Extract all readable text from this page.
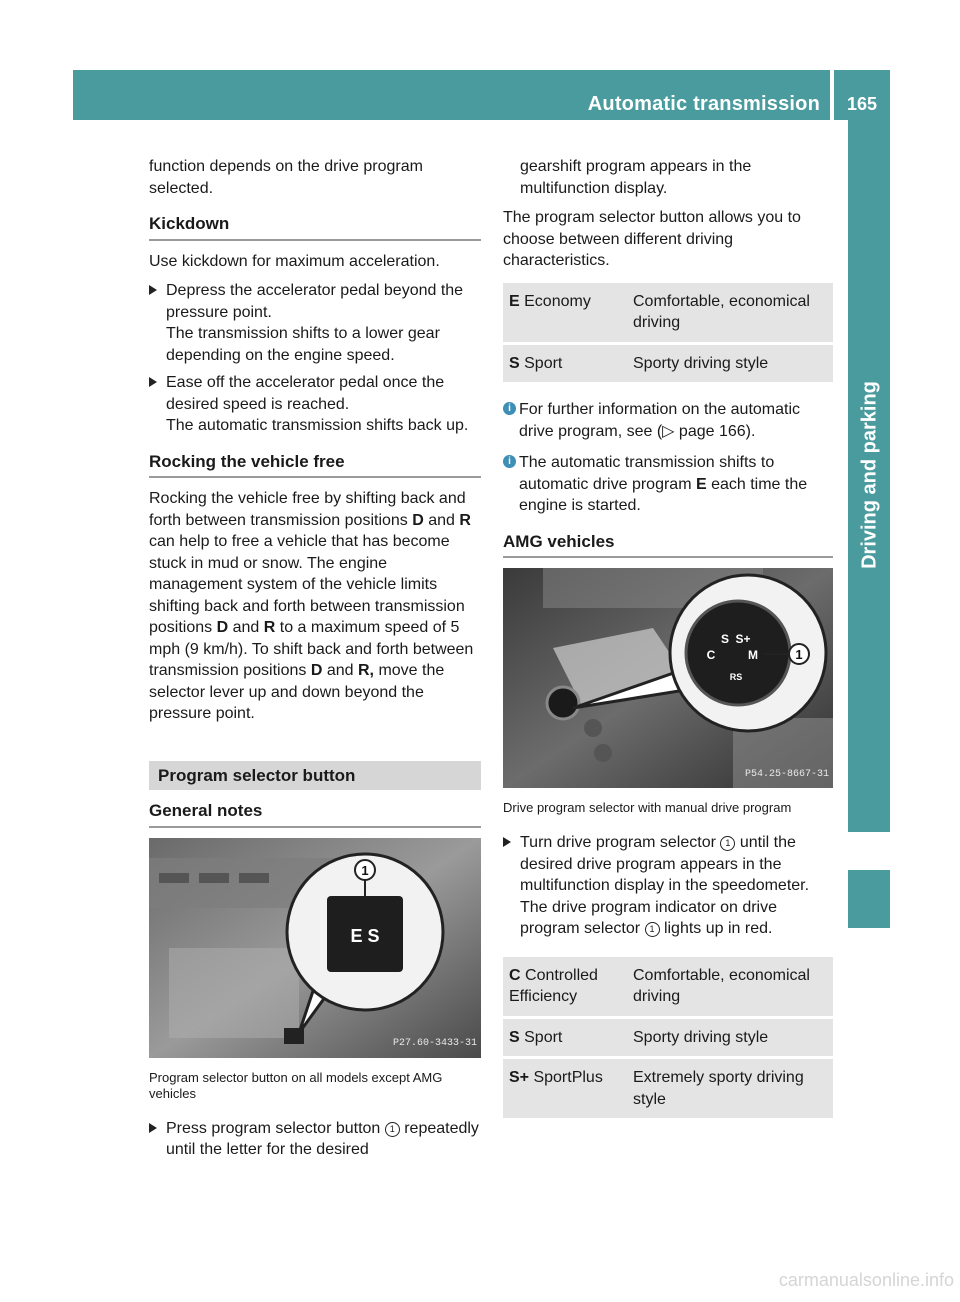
Automatic transmission	165
Driving and parking

function depends on the drive program selected.

Kickdown

Use kickdown for maximum acceleration.

Depress the accelerator pedal beyond the pressure point.
The transmission shifts to a lower gear depending on the engine speed.
Ease off the accelerator pedal once the desired speed is reached.
The automatic transmission shifts back up.
Rocking the vehicle free

Rocking the vehicle free by shifting back and forth between transmission positions D and R can help to free a vehicle that has become stuck in mud or snow. The engine management system of the vehicle limits shifting back and forth between transmission positions D and R to a maximum speed of 5 mph (9 km/h). To shift back and forth between transmission positions D and R, move the selector lever up and down beyond the pressure point.

Program selector button
General notes
E S
1
P27.60-3433-31
Program selector button on all models except AMG vehicles
Press program selector button 1 repeatedly until the letter for the desired

gearshift program appears in the multifunction display.

The program selector button allows you to choose between different driving characteristics.

E Economy	Comfortable, economical driving
S Sport	Sporty driving style
i For further information on the automatic drive program, see (▷ page 166).
i The automatic transmission shifts to automatic drive program E each time the engine is started.
AMG vehicles
S S+
C	M
RS
1
P54.25-8667-31
Drive program selector with manual drive program
Turn drive program selector 1 until the desired drive program appears in the multifunction display in the speedometer.
The drive program indicator on drive program selector 1 lights up in red.
C Controlled Efficiency	Comfortable, economical driving
S Sport	Sporty driving style
S+ SportPlus	Extremely sporty driving style
carmanualsonline.info
